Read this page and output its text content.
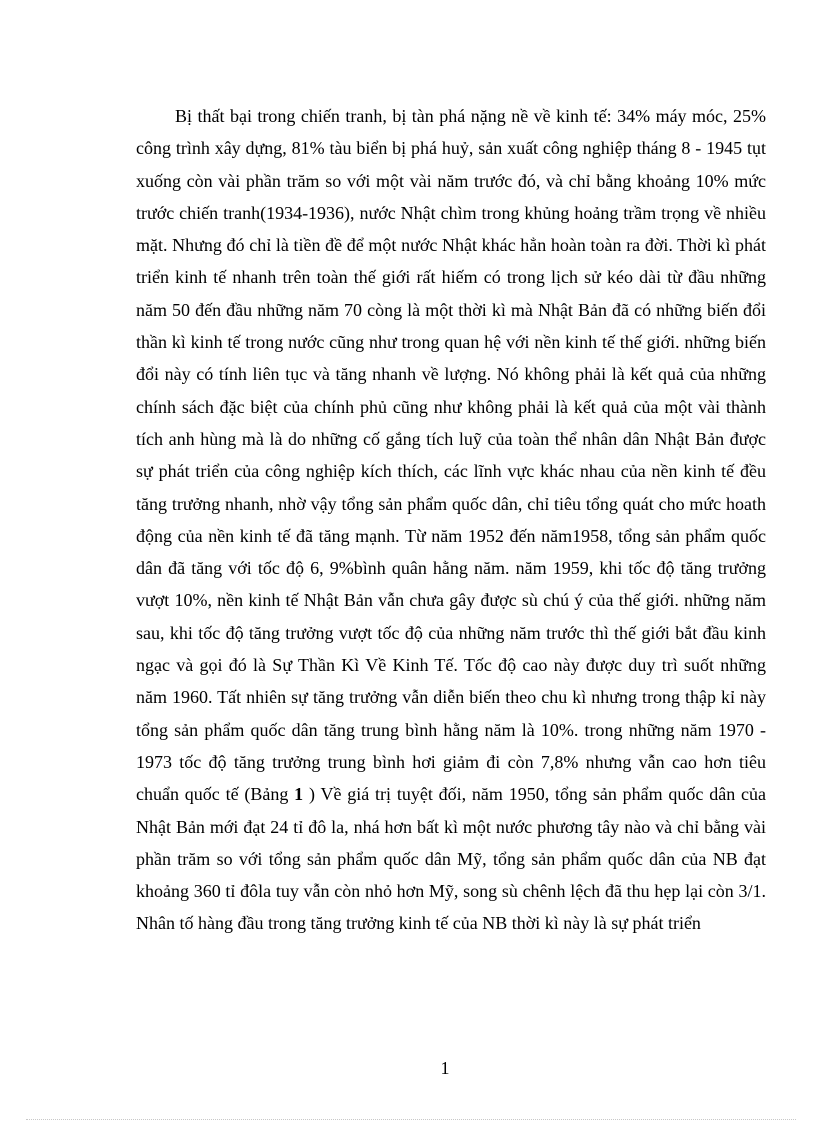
Bị thất bại trong chiến tranh, bị tàn phá nặng nề về kinh tế: 34% máy móc, 25% công trình xây dựng, 81% tàu biển bị phá huỷ, sản xuất công nghiệp tháng 8 - 1945 tụt xuống còn vài phần trăm so với một vài năm trước đó, và chỉ bằng khoảng 10% mức trước chiến tranh(1934-1936), nước Nhật chìm trong khủng hoảng trầm trọng về nhiều mặt. Nhưng đó chỉ là tiền đề để một nước Nhật khác hẳn hoàn toàn ra đời. Thời kì phát triển kinh tế nhanh trên toàn thế giới rất hiếm có trong lịch sử kéo dài từ đầu những năm 50 đến đầu những năm 70 còng là một thời kì mà Nhật Bản đã có những biến đổi thần kì kinh tế trong nước cũng như trong quan hệ với nền kinh tế thế giới. những biến đổi này có tính liên tục và tăng nhanh về lượng. Nó không phải là kết quả của những chính sách đặc biệt của chính phủ cũng như không phải là kết quả của một vài thành tích anh hùng mà là do những cố gắng tích luỹ của toàn thể nhân dân Nhật Bản được sự phát triển của công nghiệp kích thích, các lĩnh vực khác nhau của nền kinh tế đều tăng trưởng nhanh, nhờ vậy tổng sản phẩm quốc dân, chỉ tiêu tổng quát cho mức hoath động của nền kinh tế đã tăng mạnh. Từ năm 1952 đến năm1958, tổng sản phẩm quốc dân đã tăng với tốc độ 6, 9%bình quân hằng năm. năm 1959, khi tốc độ tăng trưởng vượt 10%, nền kinh tế Nhật Bản vẫn chưa gây được sù chú ý của thế giới. những năm sau, khi tốc độ tăng trưởng vượt tốc độ của những năm trước thì thế giới bắt đầu kinh ngạc và gọi đó là Sự Thần Kì Về Kinh Tế. Tốc độ cao này được duy trì suốt những năm 1960. Tất nhiên sự tăng trưởng vẫn diễn biến theo chu kì nhưng trong thập kỉ này tổng sản phẩm quốc dân tăng trung bình hằng năm là 10%. trong những năm 1970 - 1973 tốc độ tăng trưởng trung bình hơi giảm đi còn 7,8% nhưng vẫn cao hơn tiêu chuẩn quốc tế (Bảng 1 ) Về giá trị tuyệt đối, năm 1950, tổng sản phẩm quốc dân của Nhật Bản mới đạt 24 tỉ đô la, nhá hơn bất kì một nước phương tây nào và chỉ bằng vài phần trăm so với tổng sản phẩm quốc dân Mỹ, tổng sản phẩm quốc dân của NB đạt khoảng 360 tỉ đôla tuy vẫn còn nhỏ hơn Mỹ, song sù chênh lệch đã thu hẹp lại còn 3/1. Nhân tố hàng đầu trong tăng trưởng kinh tế của NB thời kì này là sự phát triển

1
